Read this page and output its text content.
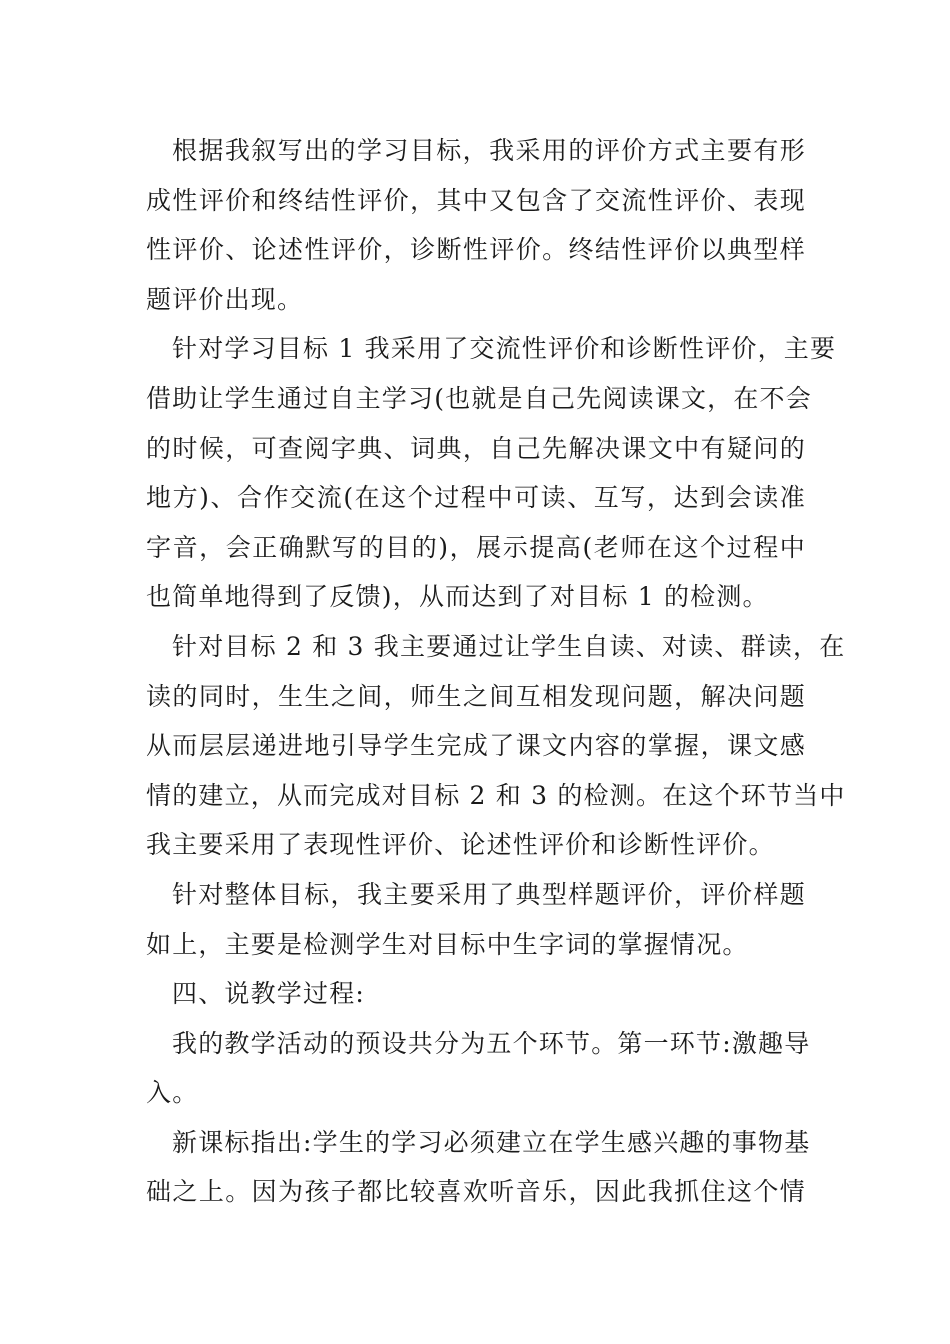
根据我叙写出的学习目标，我采用的评价方式主要有形
成性评价和终结性评价，其中又包含了交流性评价、表现
性评价、论述性评价，诊断性评价。终结性评价以典型样
题评价出现。
针对学习目标 1 我采用了交流性评价和诊断性评价，主要
借助让学生通过自主学习(也就是自己先阅读课文，在不会
的时候，可查阅字典、词典，自己先解决课文中有疑问的
地方)、合作交流(在这个过程中可读、互写，达到会读准
字音，会正确默写的目的)，展示提高(老师在这个过程中
也简单地得到了反馈)，从而达到了对目标 1 的检测。
针对目标 2 和 3 我主要通过让学生自读、对读、群读，在
读的同时，生生之间，师生之间互相发现问题，解决问题
从而层层递进地引导学生完成了课文内容的掌握，课文感
情的建立，从而完成对目标 2 和 3 的检测。在这个环节当中
我主要采用了表现性评价、论述性评价和诊断性评价。
针对整体目标，我主要采用了典型样题评价，评价样题
如上，主要是检测学生对目标中生字词的掌握情况。
四、说教学过程:
我的教学活动的预设共分为五个环节。第一环节:激趣导
入。
新课标指出:学生的学习必须建立在学生感兴趣的事物基
础之上。因为孩子都比较喜欢听音乐，因此我抓住这个情
